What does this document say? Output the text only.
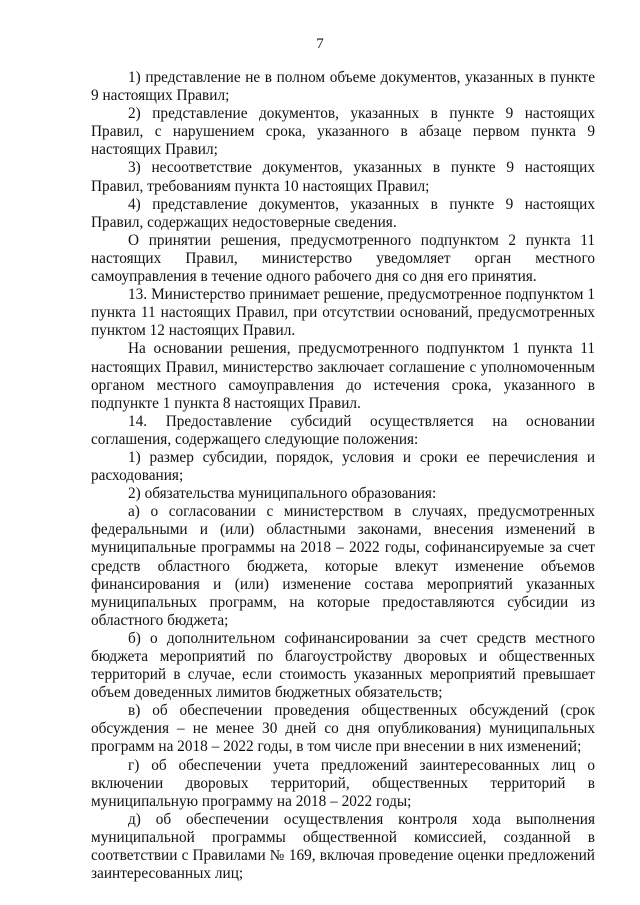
7

1) представление не в полном объеме документов, указанных в пункте 9 настоящих Правил;

2) представление документов, указанных в пункте 9 настоящих Правил, с нарушением срока, указанного в абзаце первом пункта 9 настоящих Правил;

3) несоответствие документов, указанных в пункте 9 настоящих Правил, требованиям пункта 10 настоящих Правил;

4) представление документов, указанных в пункте 9 настоящих Правил, содержащих недостоверные сведения.

О принятии решения, предусмотренного подпунктом 2 пункта 11 настоящих Правил, министерство уведомляет орган местного самоуправления в течение одного рабочего дня со дня его принятия.

13. Министерство принимает решение, предусмотренное подпунктом 1 пункта 11 настоящих Правил, при отсутствии оснований, предусмотренных пунктом 12 настоящих Правил.

На основании решения, предусмотренного подпунктом 1 пункта 11 настоящих Правил, министерство заключает соглашение с уполномоченным органом местного самоуправления до истечения срока, указанного в подпункте 1 пункта 8 настоящих Правил.

14. Предоставление субсидий осуществляется на основании соглашения, содержащего следующие положения:

1) размер субсидии, порядок, условия и сроки ее перечисления и расходования;

2) обязательства муниципального образования:

а) о согласовании с министерством в случаях, предусмотренных федеральными и (или) областными законами, внесения изменений в муниципальные программы на 2018 – 2022 годы, софинансируемые за счет средств областного бюджета, которые влекут изменение объемов финансирования и (или) изменение состава мероприятий указанных муниципальных программ, на которые предоставляются субсидии из областного бюджета;

б) о дополнительном софинансировании за счет средств местного бюджета мероприятий по благоустройству дворовых и общественных территорий в случае, если стоимость указанных мероприятий превышает объем доведенных лимитов бюджетных обязательств;

в) об обеспечении проведения общественных обсуждений (срок обсуждения – не менее 30 дней со дня опубликования) муниципальных программ на 2018 – 2022 годы, в том числе при внесении в них изменений;

г) об обеспечении учета предложений заинтересованных лиц о включении дворовых территорий, общественных территорий в муниципальную программу на 2018 – 2022 годы;

д) об обеспечении осуществления контроля хода выполнения муниципальной программы общественной комиссией, созданной в соответствии с Правилами № 169, включая проведение оценки предложений заинтересованных лиц;
